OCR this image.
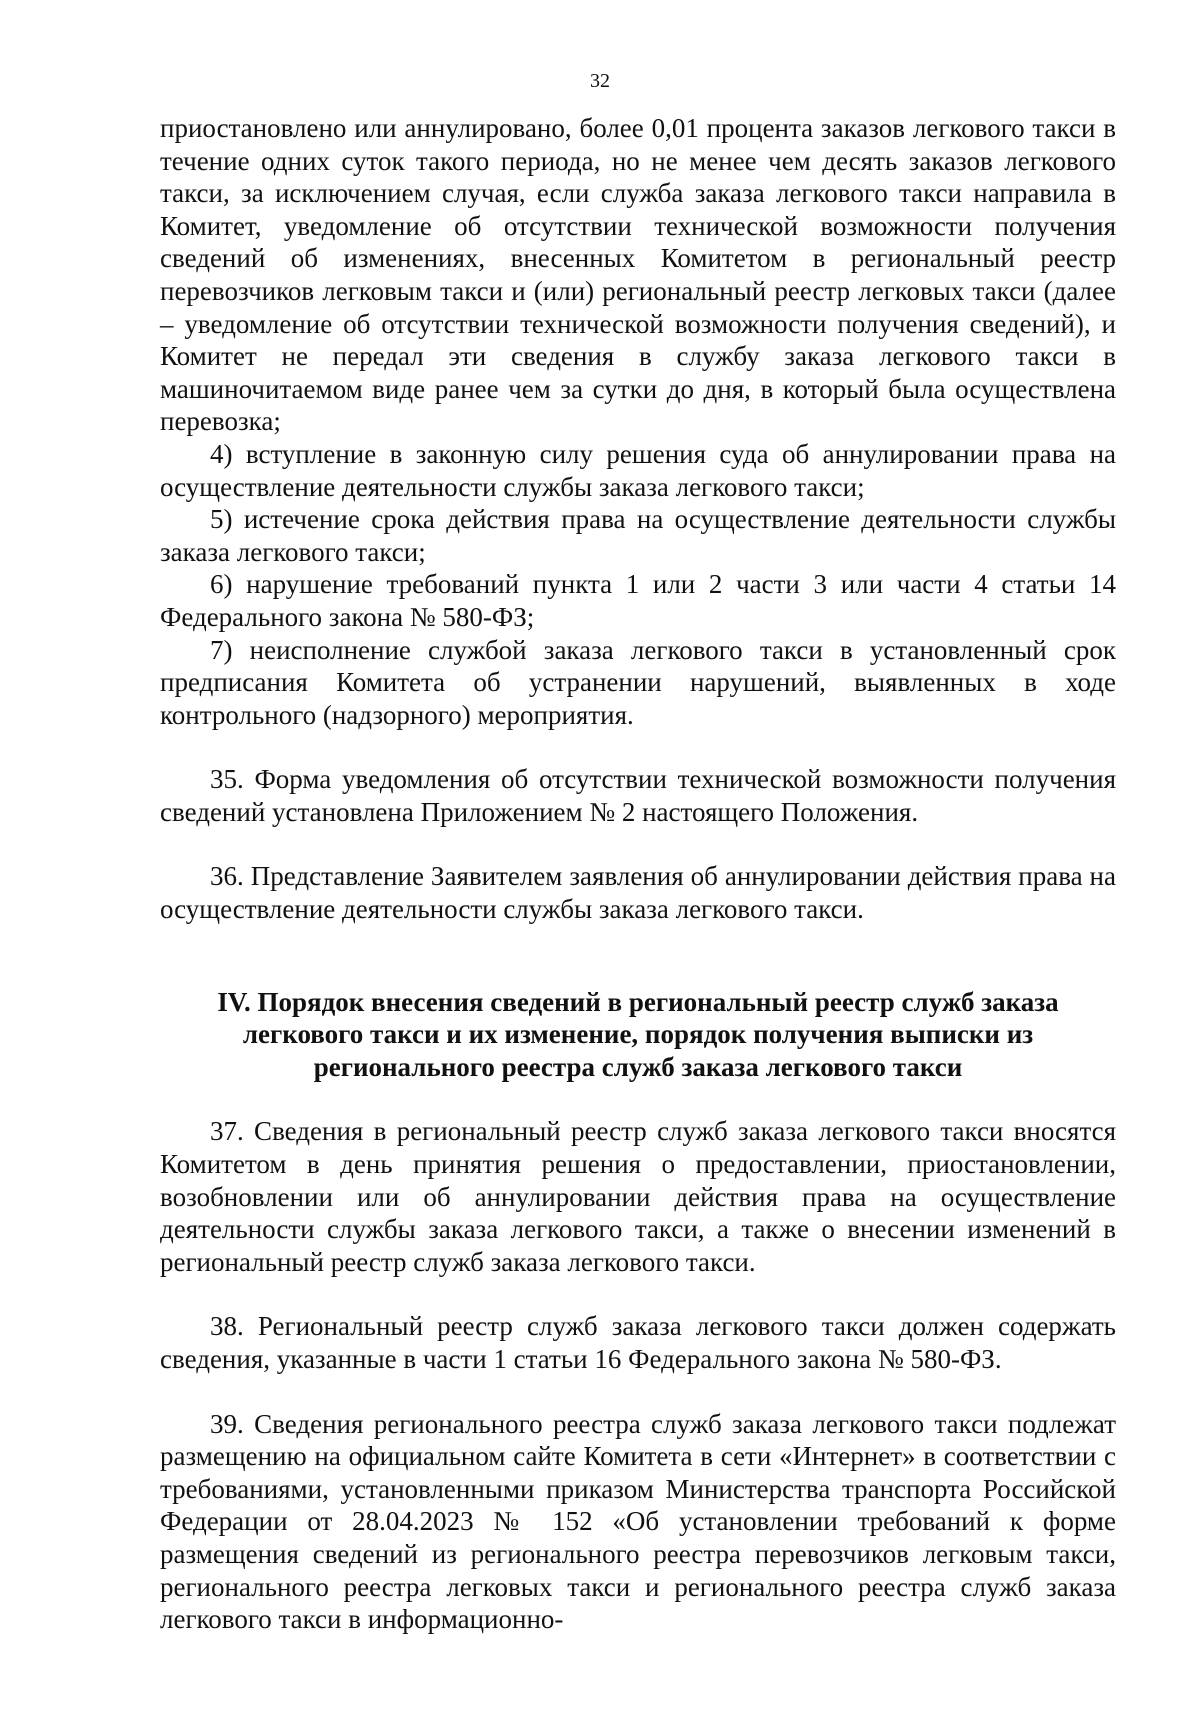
32

приостановлено или аннулировано, более 0,01 процента заказов легкового такси в течение одних суток такого периода, но не менее чем десять заказов легкового такси, за исключением случая, если служба заказа легкового такси направила в Комитет, уведомление об отсутствии технической возможности получения сведений об изменениях, внесенных Комитетом в региональный реестр перевозчиков легковым такси и (или) региональный реестр легковых такси (далее – уведомление об отсутствии технической возможности получения сведений), и Комитет не передал эти сведения в службу заказа легкового такси в машиночитаемом виде ранее чем за сутки до дня, в который была осуществлена перевозка;

4) вступление в законную силу решения суда об аннулировании права на осуществление деятельности службы заказа легкового такси;

5) истечение срока действия права на осуществление деятельности службы заказа легкового такси;

6) нарушение требований пункта 1 или 2 части 3 или части 4 статьи 14 Федерального закона № 580-ФЗ;

7) неисполнение службой заказа легкового такси в установленный срок предписания Комитета об устранении нарушений, выявленных в ходе контрольного (надзорного) мероприятия.

35. Форма уведомления об отсутствии технической возможности получения сведений установлена Приложением № 2 настоящего Положения.

36. Представление Заявителем заявления об аннулировании действия права на осуществление деятельности службы заказа легкового такси.

IV. Порядок внесения сведений в региональный реестр служб заказа легкового такси и их изменение, порядок получения выписки из регионального реестра служб заказа легкового такси

37. Сведения в региональный реестр служб заказа легкового такси вносятся Комитетом в день принятия решения о предоставлении, приостановлении, возобновлении или об аннулировании действия права на осуществление деятельности службы заказа легкового такси, а также о внесении изменений в региональный реестр служб заказа легкового такси.

38. Региональный реестр служб заказа легкового такси должен содержать сведения, указанные в части 1 статьи 16 Федерального закона № 580-ФЗ.

39. Сведения регионального реестра служб заказа легкового такси подлежат размещению на официальном сайте Комитета в сети «Интернет» в соответствии с требованиями, установленными приказом Министерства транспорта Российской Федерации от 28.04.2023 № 152 «Об установлении требований к форме размещения сведений из регионального реестра перевозчиков легковым такси, регионального реестра легковых такси и регионального реестра служб заказа легкового такси в информационно-
